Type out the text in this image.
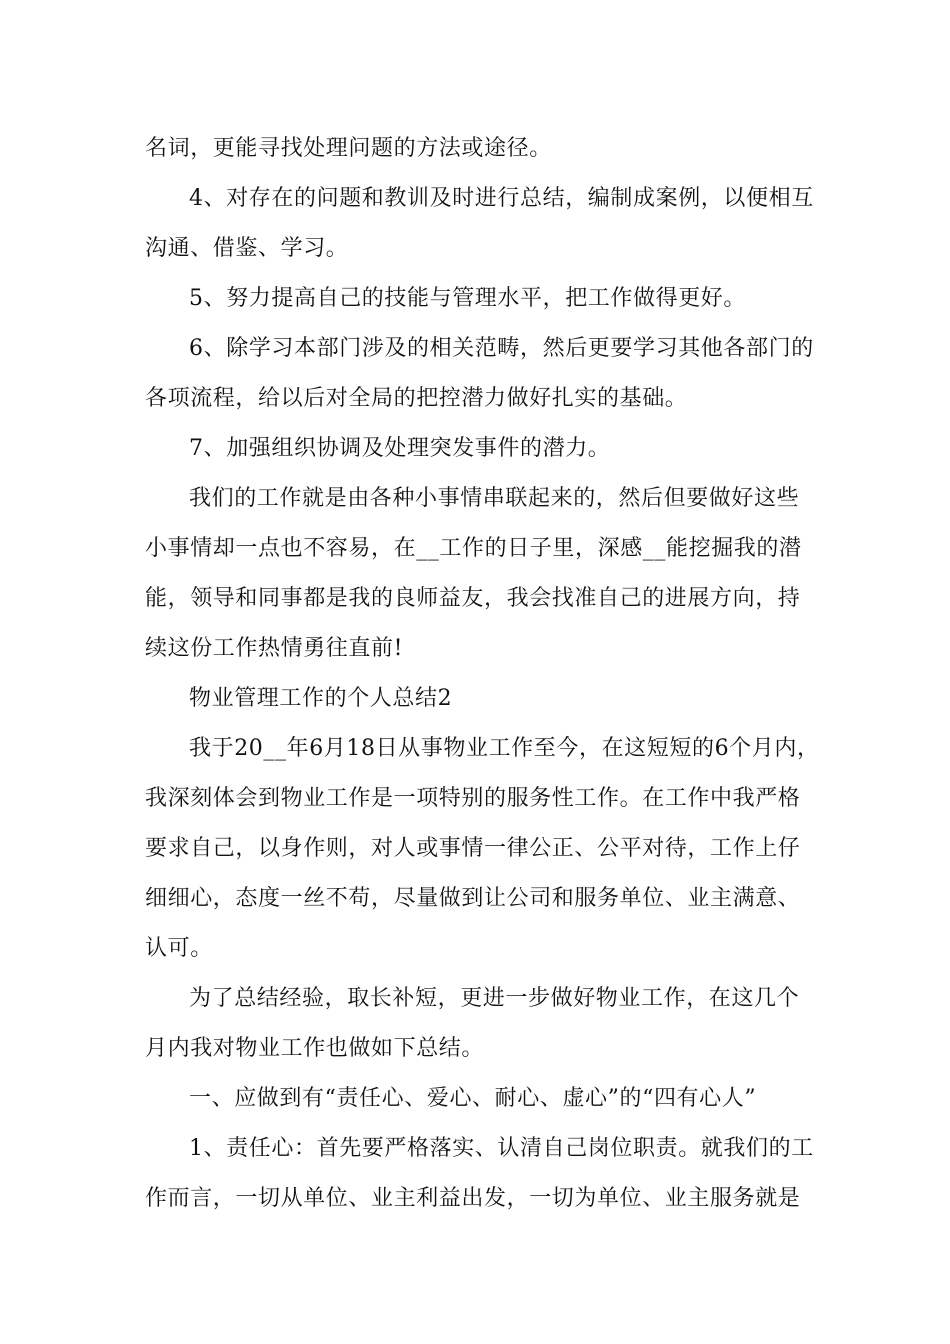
名词，更能寻找处理问题的方法或途径。
4、对存在的问题和教训及时进行总结，编制成案例，以便相互
沟通、借鉴、学习。
5、努力提高自己的技能与管理水平，把工作做得更好。
6、除学习本部门涉及的相关范畴，然后更要学习其他各部门的
各项流程，给以后对全局的把控潜力做好扎实的基础。
7、加强组织协调及处理突发事件的潜力。
我们的工作就是由各种小事情串联起来的，然后但要做好这些
小事情却一点也不容易，在__工作的日子里，深感__能挖掘我的潜
能，领导和同事都是我的良师益友，我会找准自己的进展方向，持
续这份工作热情勇往直前!
物业管理工作的个人总结2
我于20__年6月18日从事物业工作至今，在这短短的6个月内，
我深刻体会到物业工作是一项特别的服务性工作。在工作中我严格
要求自己，以身作则，对人或事情一律公正、公平对待，工作上仔
细细心，态度一丝不苟，尽量做到让公司和服务单位、业主满意、
认可。
为了总结经验，取长补短，更进一步做好物业工作，在这几个
月内我对物业工作也做如下总结。
一、应做到有“责任心、爱心、耐心、虚心”的“四有心人”
1、责任心：首先要严格落实、认清自己岗位职责。就我们的工
作而言，一切从单位、业主利益出发，一切为单位、业主服务就是
